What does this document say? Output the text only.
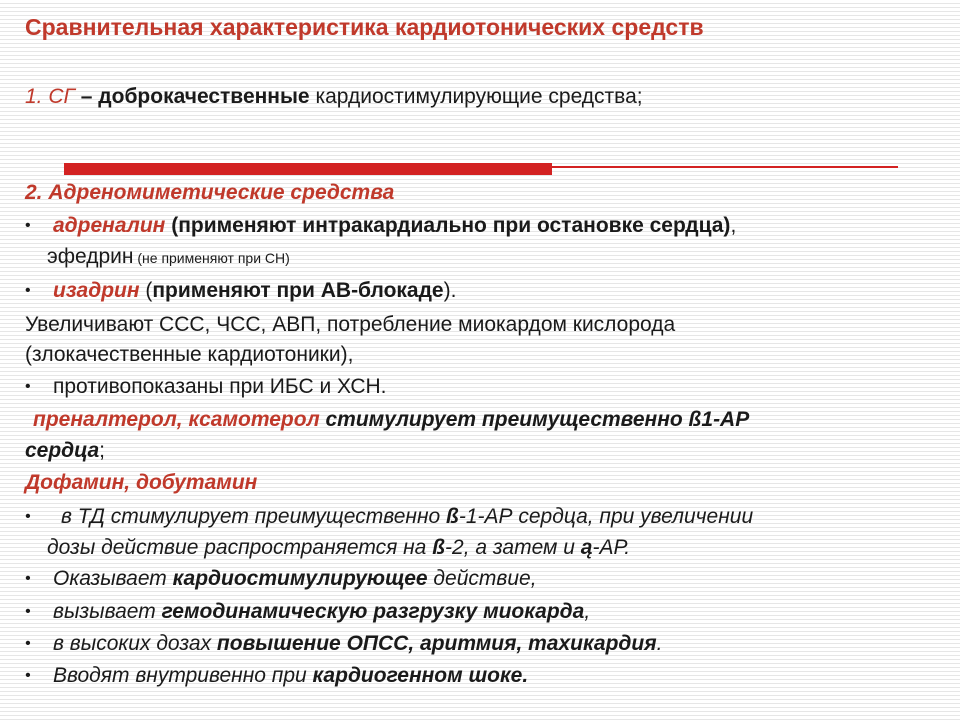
Сравнительная характеристика кардиотонических средств
1. СГ – доброкачественные кардиостимулирующие средства;
2. Адреномиметические средства
• адреналин (применяют интракардиально при остановке сердца),
эфедрин (не применяют при СН)
• изадрин (применяют при АВ-блокаде).
Увеличивают ССС, ЧСС, АВП, потребление миокардом кислорода
(злокачественные кардиотоники),
• противопоказаны при ИБС и ХСН.
преналтерол, ксамотерол стимулирует преимущественно ß1-АР
сердца;
Дофамин, добутамин
• в ТД стимулирует преимущественно ß-1-АР сердца, при увеличении
дозы действие распространяется на ß-2, а затем и ą-АР.
• Оказывает кардиостимулирующее действие,
• вызывает гемодинамическую разгрузку миокарда,
• в высоких дозах повышение ОПСС, аритмия, тахикардия.
• Вводят внутривенно при кардиогенном шоке.
